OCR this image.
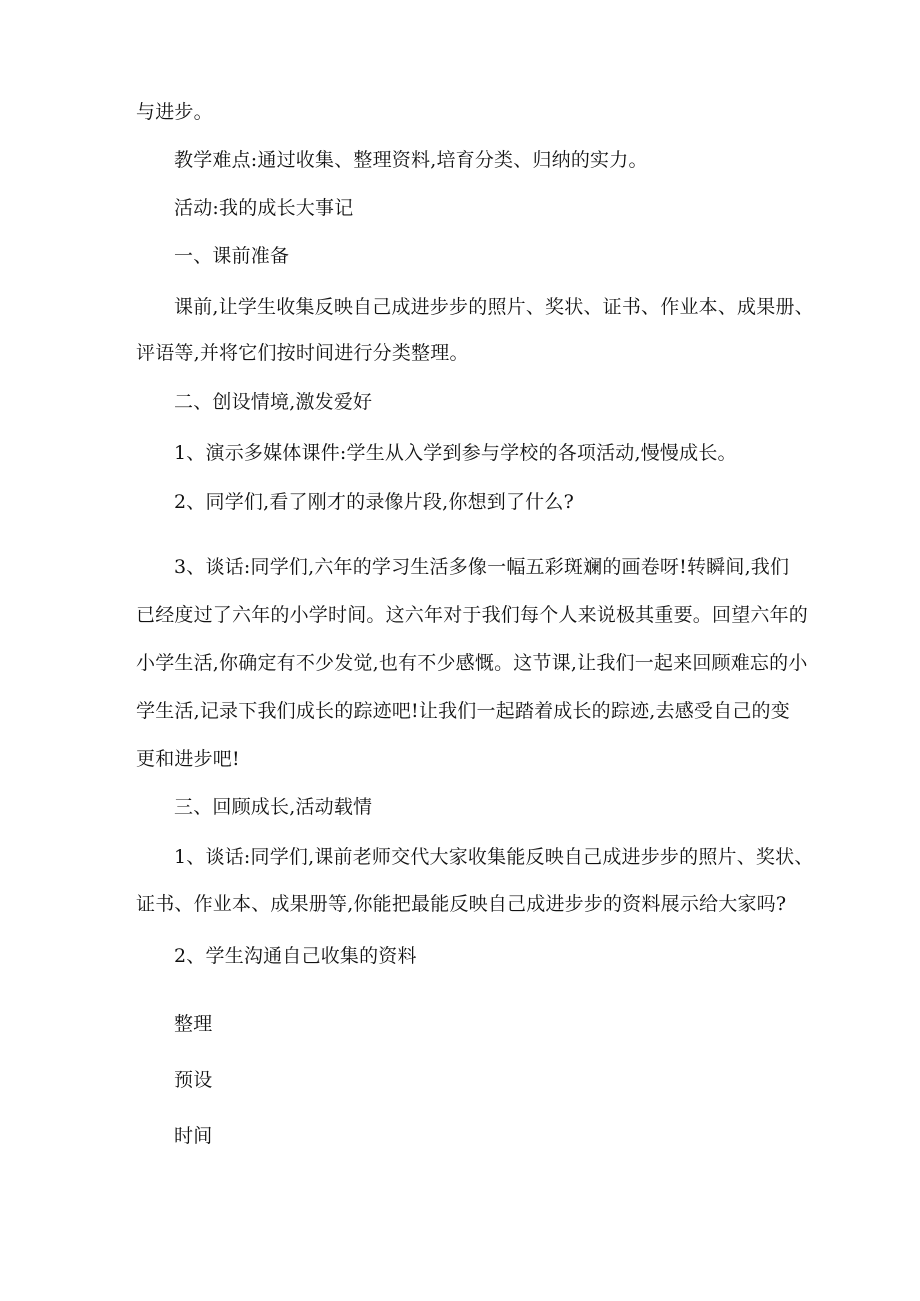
与进步。
教学难点:通过收集、整理资料,培育分类、归纳的实力。
活动:我的成长大事记
一、课前准备
课前,让学生收集反映自己成进步步的照片、奖状、证书、作业本、成果册、
评语等,并将它们按时间进行分类整理。
二、创设情境,激发爱好
1、演示多媒体课件:学生从入学到参与学校的各项活动,慢慢成长。
2、同学们,看了刚才的录像片段,你想到了什么?
3、谈话:同学们,六年的学习生活多像一幅五彩斑斓的画卷呀!转瞬间,我们
已经度过了六年的小学时间。这六年对于我们每个人来说极其重要。回望六年的
小学生活,你确定有不少发觉,也有不少感慨。这节课,让我们一起来回顾难忘的小
学生活,记录下我们成长的踪迹吧!让我们一起踏着成长的踪迹,去感受自己的变
更和进步吧!
三、回顾成长,活动载情
1、谈话:同学们,课前老师交代大家收集能反映自己成进步步的照片、奖状、
证书、作业本、成果册等,你能把最能反映自己成进步步的资料展示给大家吗?
2、学生沟通自己收集的资料
整理
预设
时间
